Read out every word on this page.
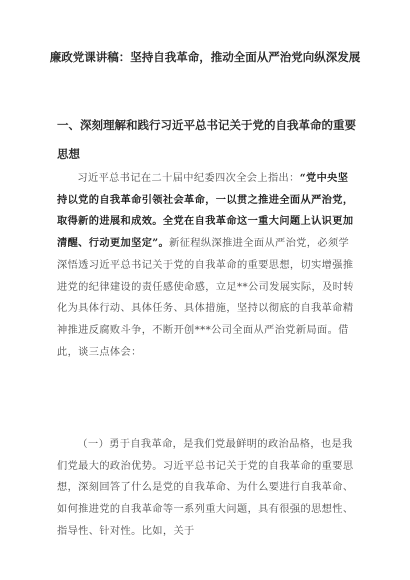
廉政党课讲稿：坚持自我革命，推动全面从严治党向纵深发展
一、深刻理解和践行习近平总书记关于党的自我革命的重要思想
习近平总书记在二十届中纪委四次全会上指出：“党中央坚持以党的自我革命引领社会革命，一以贯之推进全面从严治党，取得新的进展和成效。全党在自我革命这一重大问题上认识更加清醒、行动更加坚定”。新征程纵深推进全面从严治党，必须学深悟透习近平总书记关于党的自我革命的重要思想，切实增强推进党的纪律建设的责任感使命感，立足**公司发展实际，及时转化为具体行动、具体任务、具体措施，坚持以彻底的自我革命精神推进反腐败斗争，不断开创***公司全面从严治党新局面。借此，谈三点体会：
（一）勇于自我革命，是我们党最鲜明的政治品格，也是我们党最大的政治优势。习近平总书记关于党的自我革命的重要思想，深刻回答了什么是党的自我革命、为什么要进行自我革命、如何推进党的自我革命等一系列重大问题，具有很强的思想性、指导性、针对性。比如，关于
